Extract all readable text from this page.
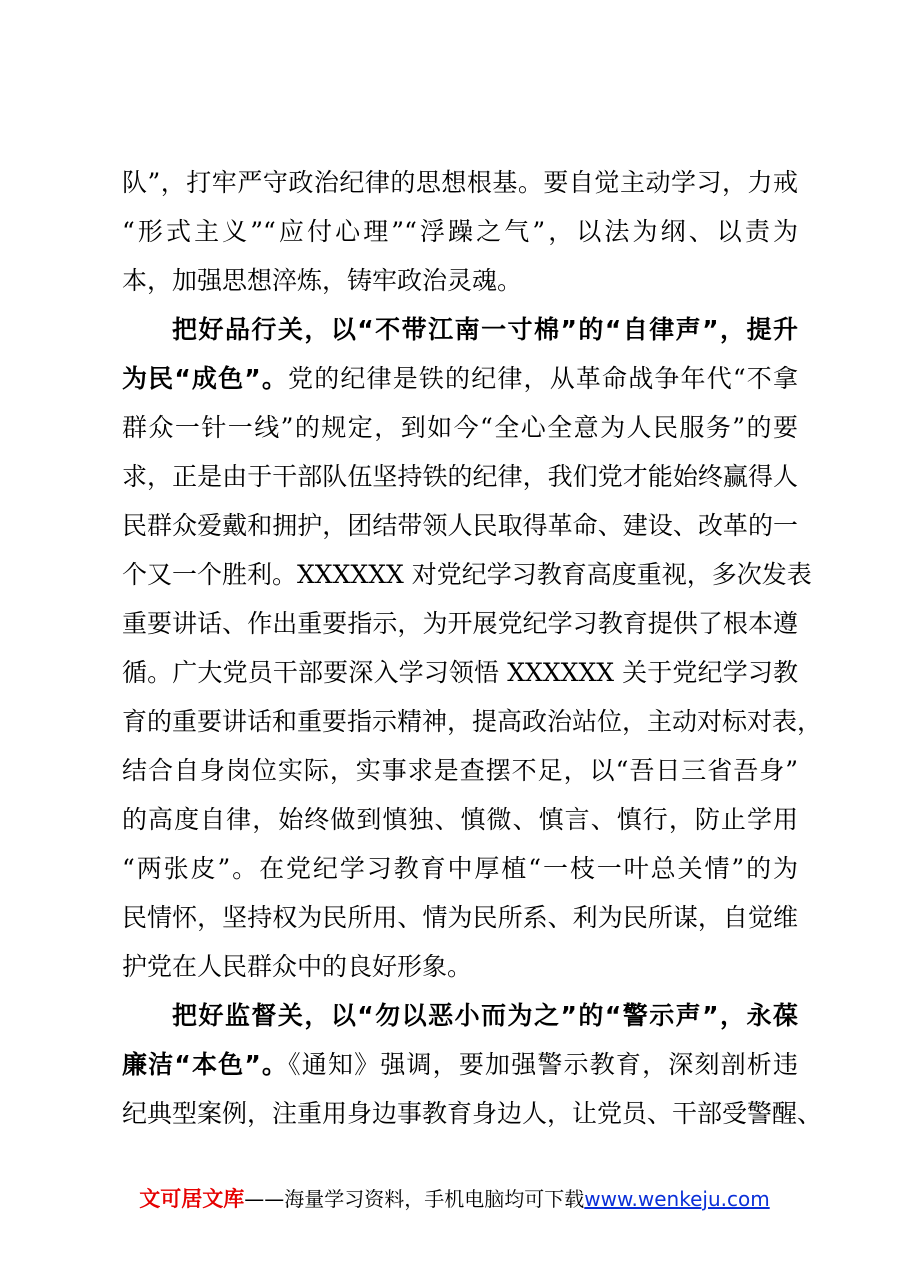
队”，打牢严守政治纪律的思想根基。要自觉主动学习，力戒
“形式主义”“应付心理”“浮躁之气”，以法为纲、以责为
本，加强思想淬炼，铸牢政治灵魂。
把好品行关，以“不带江南一寸棉”的“自律声”，提升
为民“成色”。党的纪律是铁的纪律，从革命战争年代“不拿
群众一针一线”的规定，到如今“全心全意为人民服务”的要
求，正是由于干部队伍坚持铁的纪律，我们党才能始终赢得人
民群众爱戴和拥护，团结带领人民取得革命、建设、改革的一
个又一个胜利。XXXXXX 对党纪学习教育高度重视，多次发表
重要讲话、作出重要指示，为开展党纪学习教育提供了根本遵
循。广大党员干部要深入学习领悟 XXXXXX 关于党纪学习教
育的重要讲话和重要指示精神，提高政治站位，主动对标对表，
结合自身岗位实际，实事求是查摆不足，以“吾日三省吾身”
的高度自律，始终做到慎独、慎微、慎言、慎行，防止学用
“两张皮”。在党纪学习教育中厚植“一枝一叶总关情”的为
民情怀，坚持权为民所用、情为民所系、利为民所谋，自觉维
护党在人民群众中的良好形象。
把好监督关，以“勿以恶小而为之”的“警示声”，永葆
廉洁“本色”。《通知》强调，要加强警示教育，深刻剖析违
纪典型案例，注重用身边事教育身边人，让党员、干部受警醒、
文可居文库——海量学习资料，手机电脑均可下载www.wenkeju.com
